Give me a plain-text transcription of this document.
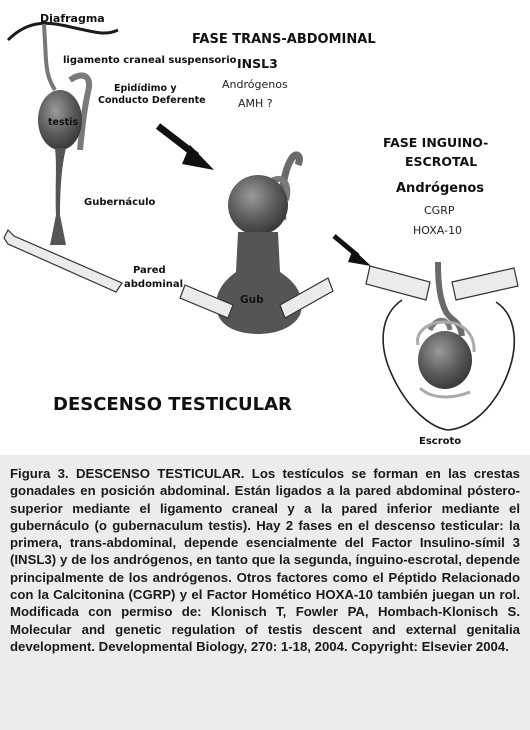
Diafragma
ligamento craneal suspensorio
Epidídimo y
Conducto Deferente
testis
Gubernáculo
Pared
abdominal
FASE TRANS-ABDOMINAL
INSL3
Andrógenos
AMH ?
Gub
DESCENSO TESTICULAR
FASE INGUINO-
ESCROTAL
Andrógenos
CGRP
HOXA-10
Escroto
Figura 3. DESCENSO TESTICULAR. Los testículos se forman en las crestas gonadales en posición abdominal. Están ligados a la pared abdominal póstero-superior mediante el ligamento craneal y a la pared inferior mediante el gubernáculo (o gubernaculum testis). Hay 2 fases en el descenso testicular: la primera, trans-abdominal, depende esencialmente del Factor Insulino-símil 3 (INSL3) y de los andrógenos, en tanto que la segunda, ínguino-escrotal, depende principalmente de los andrógenos. Otros factores como el Péptido Relacionado con la Calcitonina (CGRP) y el Factor Homético HOXA-10 también juegan un rol. Modificada con permiso de: Klonisch T, Fowler PA, Hombach-Klonisch S. Molecular and genetic regulation of testis descent and external genitalia development. Developmental Biology, 270: 1-18, 2004. Copyright: Elsevier 2004.
